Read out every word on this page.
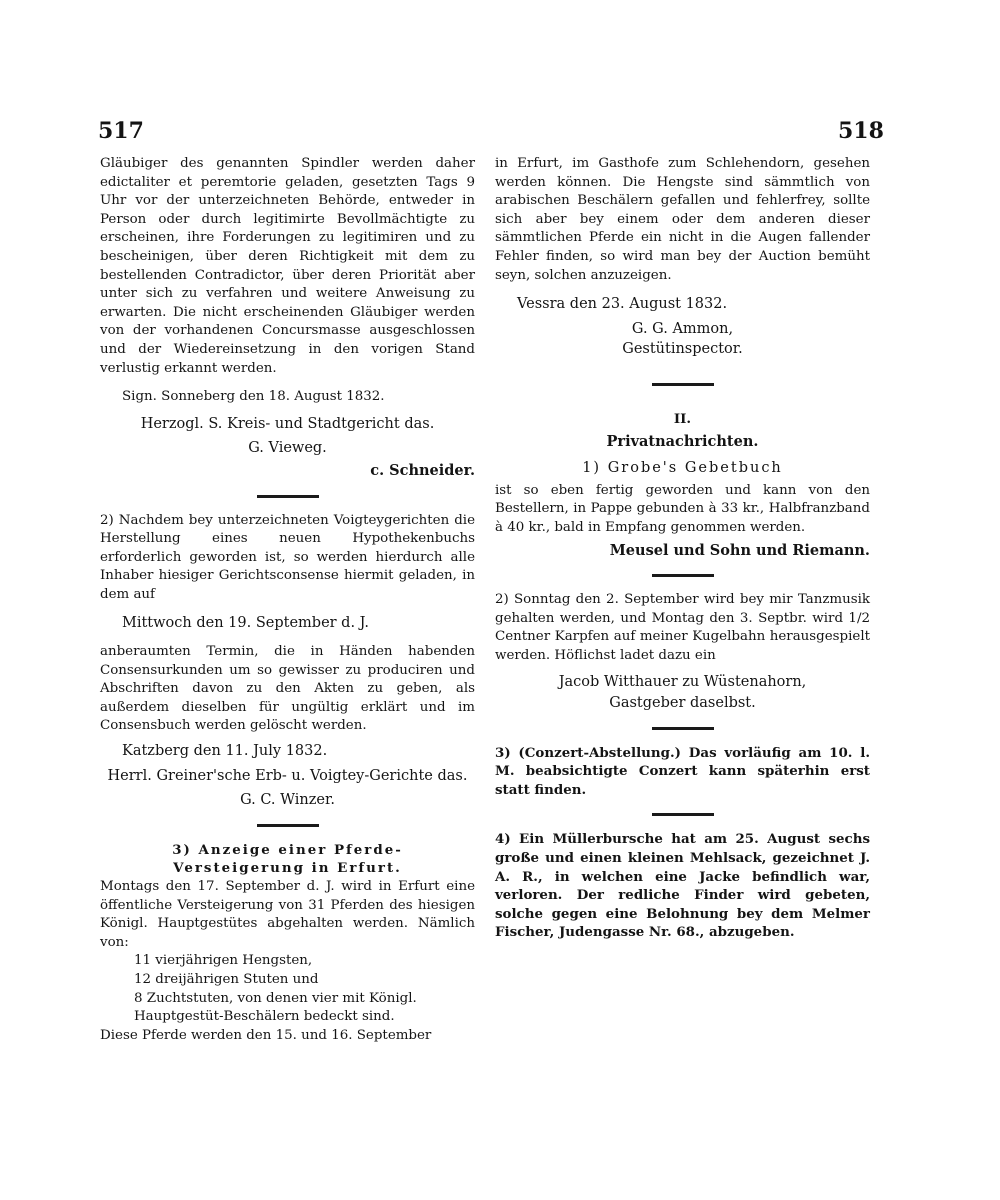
517	518

Gläubiger des genannten Spindler werden daher edictaliter et peremtorie geladen, gesetzten Tags 9 Uhr vor der unterzeichneten Behörde, entweder in Person oder durch legitimirte Bevollmächtigte zu erscheinen, ihre Forderungen zu legitimiren und zu bescheinigen, über deren Richtigkeit mit dem zu bestellenden Contradictor, über deren Priorität aber unter sich zu verfahren und weitere Anweisung zu erwarten. Die nicht erscheinenden Gläubiger werden von der vorhandenen Concursmasse ausgeschlossen und der Wiedereinsetzung in den vorigen Stand verlustig erkannt werden.

Sign. Sonneberg den 18. August 1832.

Herzogl. S. Kreis- und Stadtgericht das.

G. Vieweg.

c. Schneider.

2) Nachdem bey unterzeichneten Voigteygerichten die Herstellung eines neuen Hypothekenbuchs erforderlich geworden ist, so werden hierdurch alle Inhaber hiesiger Gerichtsconsense hiermit geladen, in dem auf

Mittwoch den 19. September d. J.

anberaumten Termin, die in Händen habenden Consensurkunden um so gewisser zu produciren und Abschriften davon zu den Akten zu geben, als außerdem dieselben für ungültig erklärt und im Consensbuch werden gelöscht werden.

Katzberg den 11. July 1832.

Herrl. Greiner'sche Erb- u. Voigtey-Gerichte das.

G. C. Winzer.

3) Anzeige einer Pferde-Versteigerung in Erfurt.

Montags den 17. September d. J. wird in Erfurt eine öffentliche Versteigerung von 31 Pferden des hiesigen Königl. Hauptgestütes abgehalten werden. Nämlich von:

11 vierjährigen Hengsten,

12 dreijährigen Stuten und

8 Zuchtstuten, von denen vier mit Königl. Hauptgestüt-Beschälern bedeckt sind.

Diese Pferde werden den 15. und 16. September

in Erfurt, im Gasthofe zum Schlehendorn, gesehen werden können. Die Hengste sind sämmtlich von arabischen Beschälern gefallen und fehlerfrey, sollte sich aber bey einem oder dem anderen dieser sämmtlichen Pferde ein nicht in die Augen fallender Fehler finden, so wird man bey der Auction bemüht seyn, solchen anzuzeigen.

Vessra den 23. August 1832.

G. G. Ammon,

Gestütinspector.

II.

Privatnachrichten.

1) Grobe's Gebetbuch

ist so eben fertig geworden und kann von den Bestellern, in Pappe gebunden à 33 kr., Halbfranzband à 40 kr., bald in Empfang genommen werden.

Meusel und Sohn und Riemann.

2) Sonntag den 2. September wird bey mir Tanzmusik gehalten werden, und Montag den 3. Septbr. wird 1/2 Centner Karpfen auf meiner Kugelbahn herausgespielt werden. Höflichst ladet dazu ein

Jacob Witthauer zu Wüstenahorn,

Gastgeber daselbst.

3) (Conzert-Abstellung.) Das vorläufig am 10. l. M. beabsichtigte Conzert kann späterhin erst statt finden.

4) Ein Müllerbursche hat am 25. August sechs große und einen kleinen Mehlsack, gezeichnet J. A. R., in welchen eine Jacke befindlich war, verloren. Der redliche Finder wird gebeten, solche gegen eine Belohnung bey dem Melmer Fischer, Judengasse Nr. 68., abzugeben.
